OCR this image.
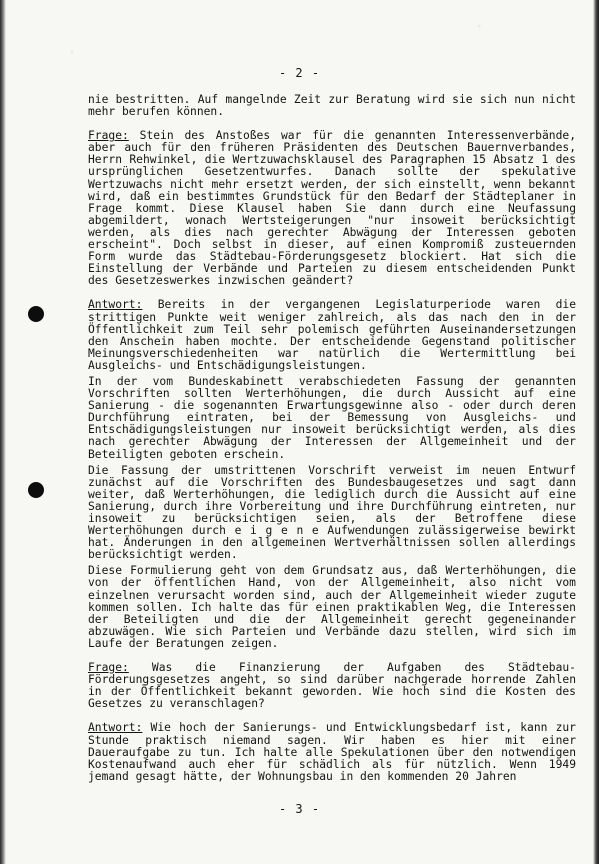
- 2 -

nie bestritten. Auf mangelnde Zeit zur Beratung wird sie sich nun nicht mehr berufen können.

Frage: Stein des Anstoßes war für die genannten Interessenverbände, aber auch für den früheren Präsidenten des Deutschen Bauernverbandes, Herrn Rehwinkel, die Wertzuwachsklausel des Paragraphen 15 Absatz 1 des ursprünglichen Gesetzentwurfes. Danach sollte der spekulative Wertzuwachs nicht mehr ersetzt werden, der sich einstellt, wenn bekannt wird, daß ein bestimmtes Grundstück für den Bedarf der Städteplaner in Frage kommt. Diese Klausel haben Sie dann durch eine Neufassung abgemildert, wonach Wertsteigerungen "nur insoweit berücksichtigt werden, als dies nach gerechter Abwägung der Interessen geboten erscheint". Doch selbst in dieser, auf einen Kompromiß zusteuernden Form wurde das Städtebau-Förderungsgesetz blockiert. Hat sich die Einstellung der Verbände und Parteien zu diesem entscheidenden Punkt des Gesetzeswerkes inzwischen geändert?

Antwort: Bereits in der vergangenen Legislaturperiode waren die strittigen Punkte weit weniger zahlreich, als das nach den in der Öffentlichkeit zum Teil sehr polemisch geführten Auseinandersetzungen den Anschein haben mochte. Der entscheidende Gegenstand politischer Meinungsverschiedenheiten war natürlich die Wertermittlung bei Ausgleichs- und Entschädigungsleistungen.

In der vom Bundeskabinett verabschiedeten Fassung der genannten Vorschriften sollten Werterhöhungen, die durch Aussicht auf eine Sanierung - die sogenannten Erwartungsgewinne also - oder durch deren Durchführung eintraten, bei der Bemessung von Ausgleichs- und Entschädigungsleistungen nur insoweit berücksichtigt werden, als dies nach gerechter Abwägung der Interessen der Allgemeinheit und der Beteiligten geboten erschein.

Die Fassung der umstrittenen Vorschrift verweist im neuen Entwurf zunächst auf die Vorschriften des Bundesbaugesetzes und sagt dann weiter, daß Werterhöhungen, die lediglich durch die Aussicht auf eine Sanierung, durch ihre Vorbereitung und ihre Durchführung eintreten, nur insoweit zu berücksichtigen seien, als der Betroffene diese Werterhöhungen durch e i g e n e Aufwendungen zulässigerweise bewirkt hat. Änderungen in den allgemeinen Wertverhältnissen sollen allerdings berücksichtigt werden.

Diese Formulierung geht von dem Grundsatz aus, daß Werterhöhungen, die von der öffentlichen Hand, von der Allgemeinheit, also nicht vom einzelnen verursacht worden sind, auch der Allgemeinheit wieder zugute kommen sollen. Ich halte das für einen praktikablen Weg, die Interessen der Beteiligten und die der Allgemeinheit gerecht gegeneinander abzuwägen. Wie sich Parteien und Verbände dazu stellen, wird sich im Laufe der Beratungen zeigen.

Frage: Was die Finanzierung der Aufgaben des Städtebau-Förderungsgesetzes angeht, so sind darüber nachgerade horrende Zahlen in der Öffentlichkeit bekannt geworden. Wie hoch sind die Kosten des Gesetzes zu veranschlagen?

Antwort: Wie hoch der Sanierungs- und Entwicklungsbedarf ist, kann zur Stunde praktisch niemand sagen. Wir haben es hier mit einer Daueraufgabe zu tun. Ich halte alle Spekulationen über den notwendigen Kostenaufwand auch eher für schädlich als für nützlich. Wenn 1949 jemand gesagt hätte, der Wohnungsbau in den kommenden 20 Jahren

- 3 -
